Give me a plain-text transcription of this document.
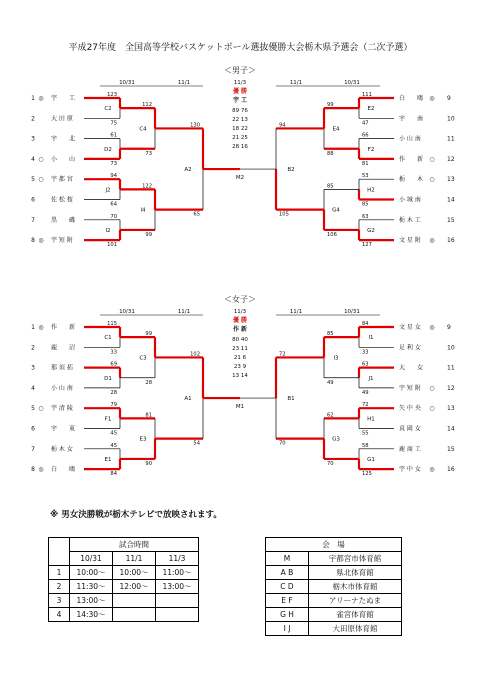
平成27年度　全国高等学校バスケットボール選抜優勝大会栃木県予選会（二次予選）
＜男子＞
10/31	11/1	11/3	11/1	10/31
1 ◎ 宇　　工
2	大 田 原
3	宇　　北
4 ○ 小　　山
5 ○ 宇 都 宮
6	佐 松 桜
7	黒　　磯
8 ◎ 宇 短 附
白　　鴎 ◎ 9
宇　　南	10
小 山 南	11
作　　新 ○ 12
栃　　木 ○ 13
小 城 南	14
栃 木 工	15
文 星 附 ◎ 16
123
75
C2
61
73
D2
94
64
J2
70
101
I2
112
73
C4
122
99
I4
130
65
A2
111
47
E2
66
81
F2
53
85
H2
63
127
G2
99
88
E4
85
106
G4
94
105
B2
M2
優 勝
宇 工
89 76
22 13
18 22
21 25
28 16
＜女子＞
10/31	11/1	11/3	11/1	10/31
1 ◎ 作　　新
2	鹿　　沼
3	那 須 拓
4	小 山 南
5 ○ 宇 清 陵
6	宇　　東
7	栃 木 女
8 ◎ 白　　鴎
文 星 女 ◎ 9
足 利 女	10
大　　女	11
宇 短 附 ○ 12
矢 中 央 ○ 13
真 岡 女	14
鹿 商 工	15
宇 中 女 ◎ 16
115
33
C1
69
28
D1
79
45
F1
45
84
E1
99
28
C3
81
90
E3
102
54
A1
84
33
I1
63
49
J1
72
55
H1
58
125
G1
85
49
I3
62
70
G3
72
70
B1
M1
優 勝
作 新
80 40
23 11
21 6
23 9
13 14
※ 男女決勝戦が栃木テレビで放映されます。
	試合時間		
	10/31	11/1	11/3
1	10:00～	10:00～	11:00～
2	11:30～	12:00～	13:00～
3	13:00～		
4	14:30～		
会　場	
M	宇都宮市体育館
A B	県北体育館
C D	栃木市体育館
E F	アリーナたぬま
G H	雀宮体育館
I J	大田原体育館
